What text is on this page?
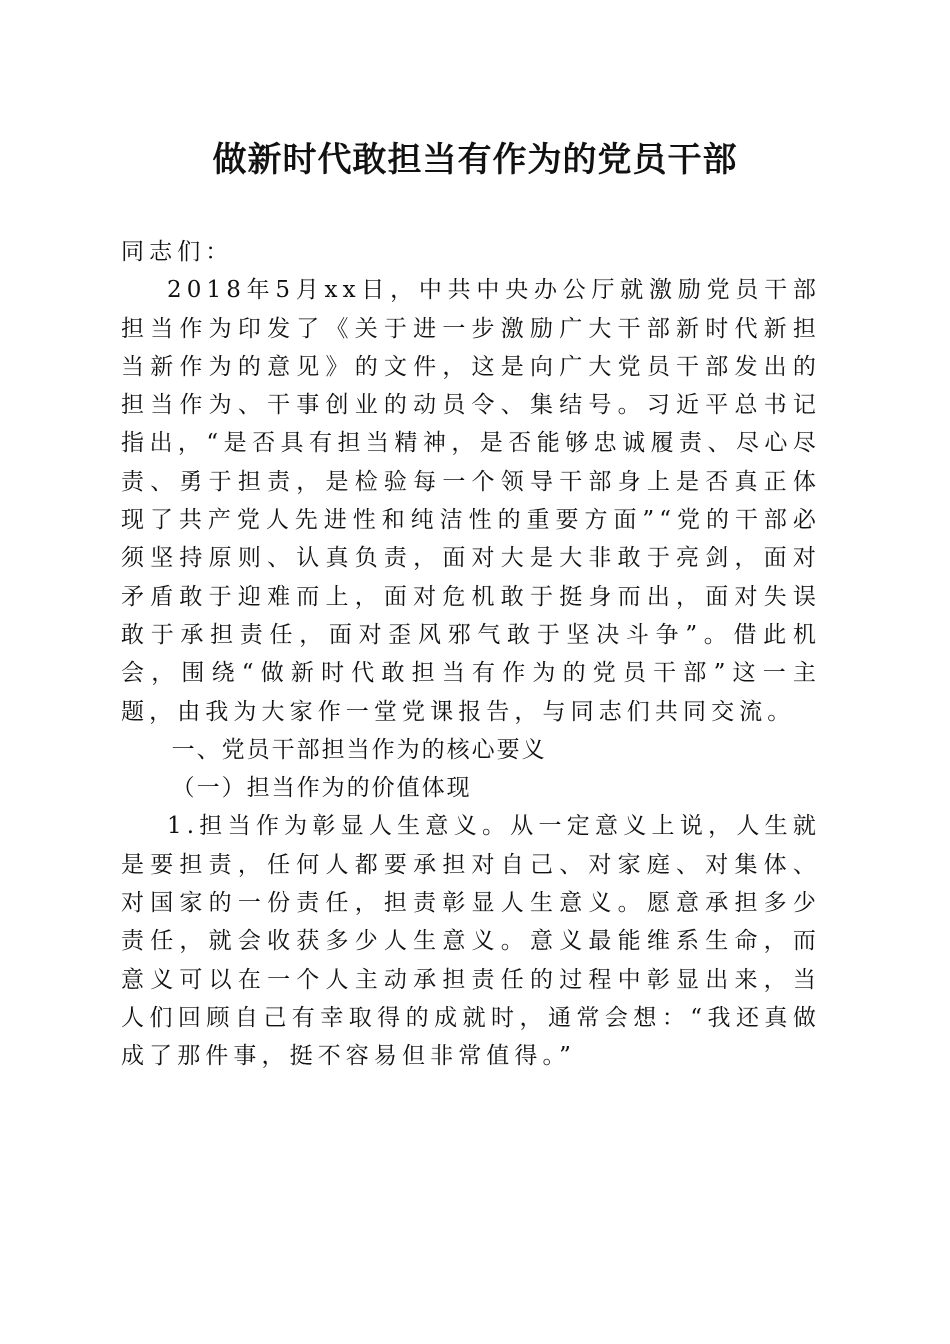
做新时代敢担当有作为的党员干部

同志们：

2018年5月xx日，中共中央办公厅就激励党员干部担当作为印发了《关于进一步激励广大干部新时代新担当新作为的意见》的文件，这是向广大党员干部发出的担当作为、干事创业的动员令、集结号。习近平总书记指出，“是否具有担当精神，是否能够忠诚履责、尽心尽责、勇于担责，是检验每一个领导干部身上是否真正体现了共产党人先进性和纯洁性的重要方面”“党的干部必须坚持原则、认真负责，面对大是大非敢于亮剑，面对矛盾敢于迎难而上，面对危机敢于挺身而出，面对失误敢于承担责任，面对歪风邪气敢于坚决斗争”。借此机会，围绕“做新时代敢担当有作为的党员干部”这一主题，由我为大家作一堂党课报告，与同志们共同交流。

一、党员干部担当作为的核心要义

（一）担当作为的价值体现

1.担当作为彰显人生意义。从一定意义上说，人生就是要担责，任何人都要承担对自己、对家庭、对集体、对国家的一份责任，担责彰显人生意义。愿意承担多少责任，就会收获多少人生意义。意义最能维系生命，而意义可以在一个人主动承担责任的过程中彰显出来，当人们回顾自己有幸取得的成就时，通常会想：“我还真做成了那件事，挺不容易但非常值得。”
